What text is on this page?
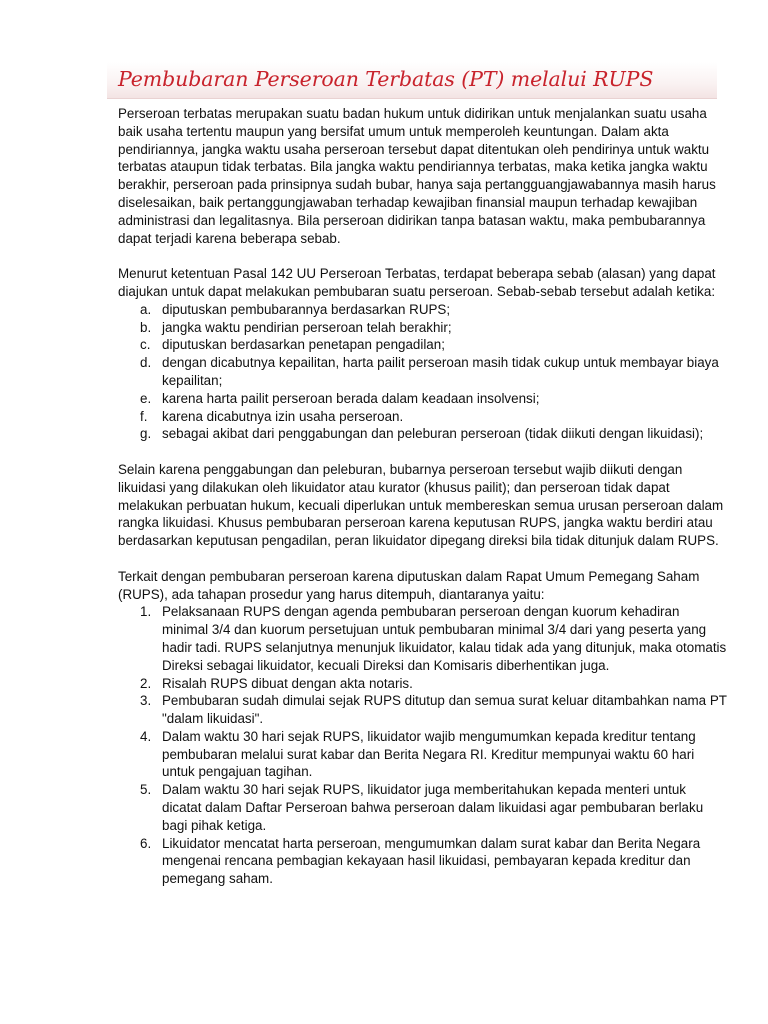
Pembubaran Perseroan Terbatas (PT) melalui RUPS

Perseroan terbatas merupakan suatu badan hukum untuk didirikan untuk menjalankan suatu usaha baik usaha tertentu maupun yang bersifat umum untuk memperoleh keuntungan. Dalam akta pendiriannya, jangka waktu usaha perseroan tersebut dapat ditentukan oleh pendirinya untuk waktu terbatas ataupun tidak terbatas. Bila jangka waktu pendiriannya terbatas, maka ketika jangka waktu berakhir, perseroan pada prinsipnya sudah bubar, hanya saja pertangguangjawabannya masih harus diselesaikan, baik pertanggungjawaban terhadap kewajiban finansial maupun terhadap kewajiban administrasi dan legalitasnya. Bila perseroan didirikan tanpa batasan waktu, maka pembubarannya dapat terjadi karena beberapa sebab.

Menurut ketentuan Pasal 142 UU Perseroan Terbatas, terdapat beberapa sebab (alasan) yang dapat diajukan untuk dapat melakukan pembubaran suatu perseroan. Sebab-sebab tersebut adalah ketika:

a. diputuskan pembubarannya berdasarkan RUPS;
b. jangka waktu pendirian perseroan telah berakhir;
c. diputuskan berdasarkan penetapan pengadilan;
d. dengan dicabutnya kepailitan, harta pailit perseroan masih tidak cukup untuk membayar biaya kepailitan;
e. karena harta pailit perseroan berada dalam keadaan insolvensi;
f. karena dicabutnya izin usaha perseroan.
g. sebagai akibat dari penggabungan dan peleburan perseroan (tidak diikuti dengan likuidasi);

Selain karena penggabungan dan peleburan, bubarnya perseroan tersebut wajib diikuti dengan likuidasi yang dilakukan oleh likuidator atau kurator (khusus pailit); dan perseroan tidak dapat melakukan perbuatan hukum, kecuali diperlukan untuk membereskan semua urusan perseroan dalam rangka likuidasi. Khusus pembubaran perseroan karena keputusan RUPS, jangka waktu berdiri atau berdasarkan keputusan pengadilan, peran likuidator dipegang direksi bila tidak ditunjuk dalam RUPS.

Terkait dengan pembubaran perseroan karena diputuskan dalam Rapat Umum Pemegang Saham (RUPS), ada tahapan prosedur yang harus ditempuh, diantaranya yaitu:

1. Pelaksanaan RUPS dengan agenda pembubaran perseroan dengan kuorum kehadiran minimal 3/4 dan kuorum persetujuan untuk pembubaran minimal 3/4 dari yang peserta yang hadir tadi. RUPS selanjutnya menunjuk likuidator, kalau tidak ada yang ditunjuk, maka otomatis Direksi sebagai likuidator, kecuali Direksi dan Komisaris diberhentikan juga.
2. Risalah RUPS dibuat dengan akta notaris.
3. Pembubaran sudah dimulai sejak RUPS ditutup dan semua surat keluar ditambahkan nama PT "dalam likuidasi".
4. Dalam waktu 30 hari sejak RUPS, likuidator wajib mengumumkan kepada kreditur tentang pembubaran melalui surat kabar dan Berita Negara RI. Kreditur mempunyai waktu 60 hari untuk pengajuan tagihan.
5. Dalam waktu 30 hari sejak RUPS, likuidator juga memberitahukan kepada menteri untuk dicatat dalam Daftar Perseroan bahwa perseroan dalam likuidasi agar pembubaran berlaku bagi pihak ketiga.
6. Likuidator mencatat harta perseroan, mengumumkan dalam surat kabar dan Berita Negara mengenai rencana pembagian kekayaan hasil likuidasi, pembayaran kepada kreditur dan pemegang saham.
